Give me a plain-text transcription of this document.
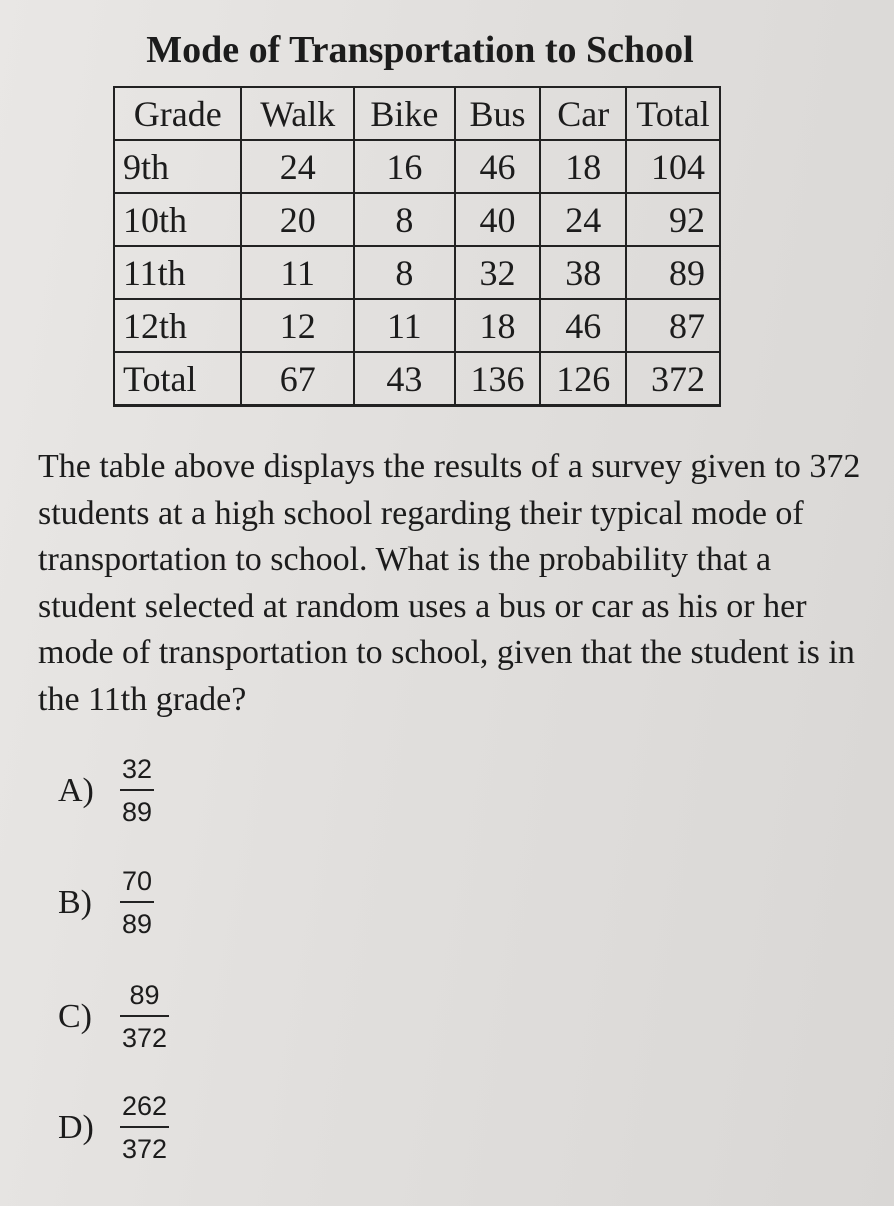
Mode of Transportation to School
Grade	Walk	Bike	Bus	Car	Total
9th	24	16	46	18	104
10th	20	8	40	24	92
11th	11	8	32	38	89
12th	12	11	18	46	87
Total	67	43	136	126	372
The table above displays the results of a survey given to 372 students at a high school regarding their typical mode of transportation to school. What is the probability that a student selected at random uses a bus or car as his or her mode of transportation to school, given that the student is in the 11th grade?
$A) \frac{32}{89}$
B)	$\frac{70}{89}$
C)	$\frac{89}{372}$
$D) \frac{262}{372}$
